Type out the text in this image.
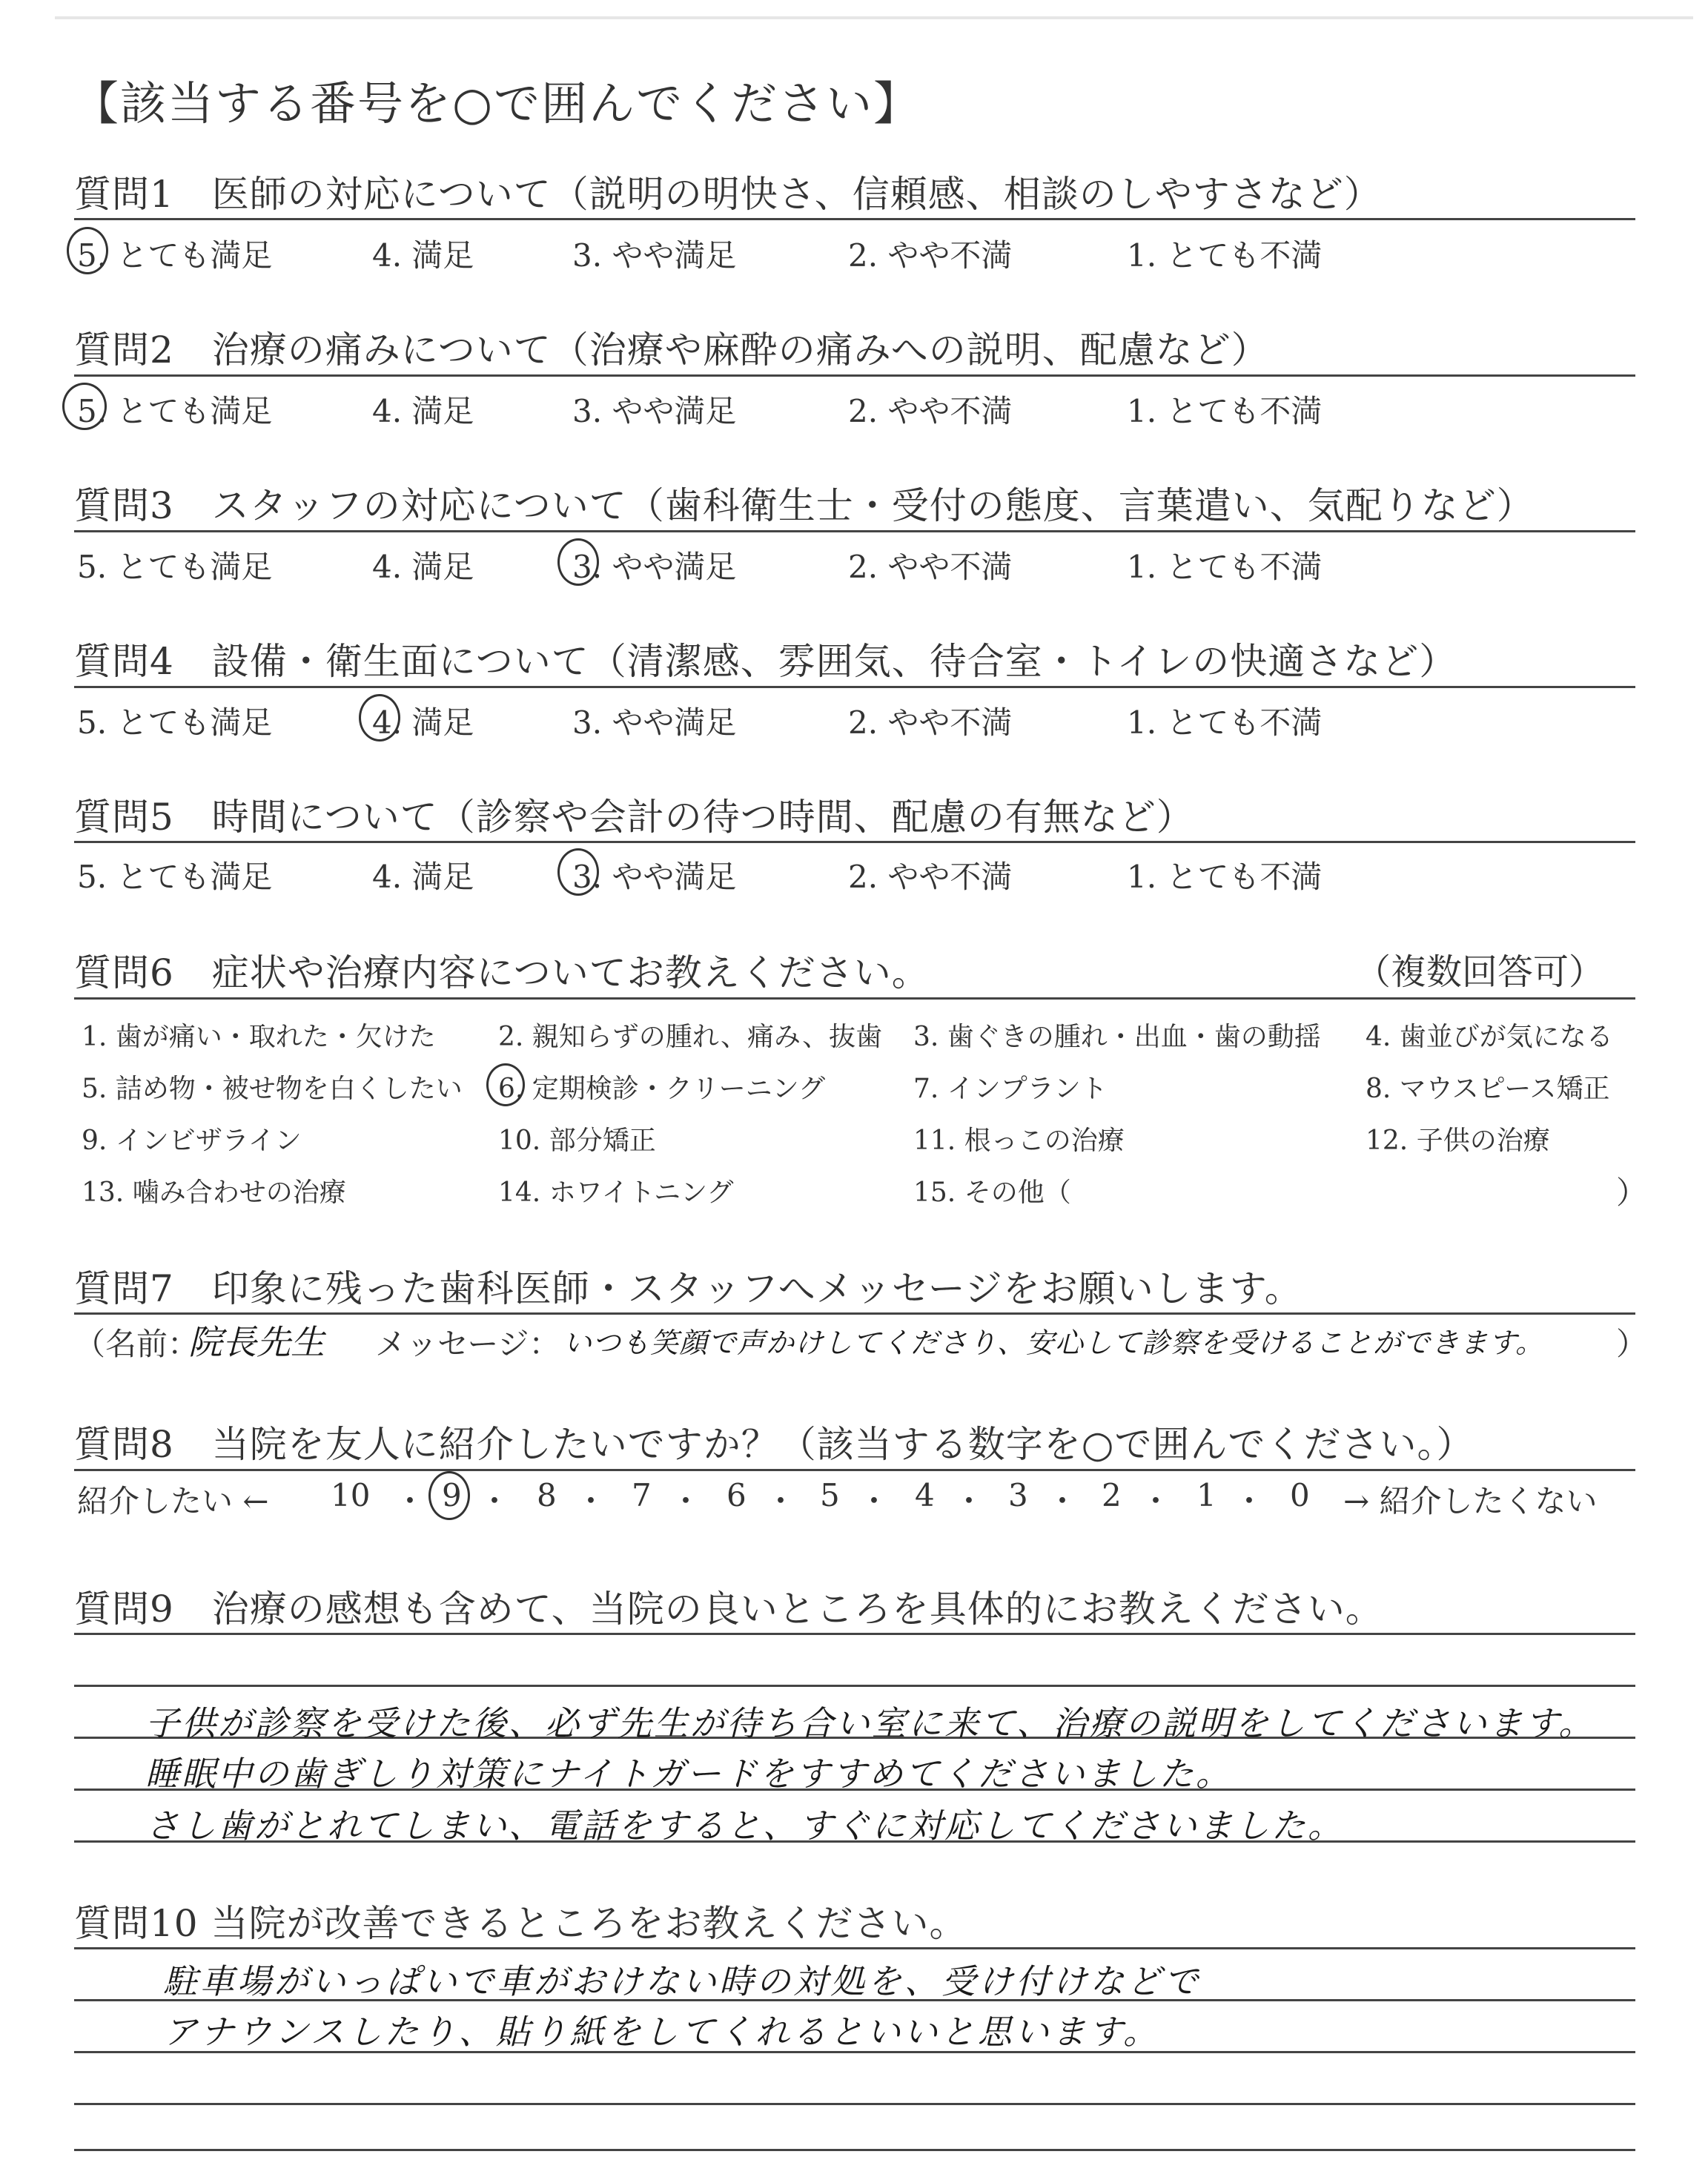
【該当する番号を○で囲んでください】
質問1　医師の対応について（説明の明快さ、信頼感、相談のしやすさなど）
5. とても満足	4. 満足	3. やや満足	2. やや不満	1. とても不満
質問2　治療の痛みについて（治療や麻酔の痛みへの説明、配慮など）
5. とても満足	4. 満足	3. やや満足	2. やや不満	1. とても不満
質問3　スタッフの対応について（歯科衛生士・受付の態度、言葉遣い、気配りなど）
5. とても満足	4. 満足	3. やや満足	2. やや不満	1. とても不満
質問4　設備・衛生面について（清潔感、雰囲気、待合室・トイレの快適さなど）
5. とても満足	4. 満足	3. やや満足	2. やや不満	1. とても不満
質問5　時間について（診察や会計の待つ時間、配慮の有無など）
5. とても満足	4. 満足	3. やや満足	2. やや不満	1. とても不満
質問6　症状や治療内容についてお教えください。	（複数回答可）
1. 歯が痛い・取れた・欠けた 2. 親知らずの腫れ、痛み、抜歯 3. 歯ぐきの腫れ・出血・歯の動揺 4. 歯並びが気になる
5. 詰め物・被せ物を白くしたい 6. 定期検診・クリーニング	7. インプラント	8. マウスピース矯正
9. インビザライン	10. 部分矯正	11. 根っこの治療	12. 子供の治療
13. 噛み合わせの治療	14. ホワイトニング	15. その他（	）
質問7　印象に残った歯科医師・スタッフへメッセージをお願いします。
（名前：
院長先生 メッセージ： いつも笑顔で声かけしてくださり、安心して診察を受けることができます。 ）
質問8　当院を友人に紹介したいですか？（該当する数字を○で囲んでください。）
紹介したい ← 10 ・ 9 ・ 8 ・ 7 ・ 6 ・ 5 ・ 4 ・ 3 ・ 2 ・ 1 ・ 0 → 紹介したくない
質問9　治療の感想も含めて、当院の良いところを具体的にお教えください。
子供が診察を受けた後、必ず先生が待ち合い室に来て、治療の説明をしてくださいます。
睡眠中の歯ぎしり対策にナイトガードをすすめてくださいました。
さし歯がとれてしまい、電話をすると、すぐに対応してくださいました。
質問10 当院が改善できるところをお教えください。
駐車場がいっぱいで車がおけない時の対処を、受け付けなどで
アナウンスしたり、貼り紙をしてくれるといいと思います。
